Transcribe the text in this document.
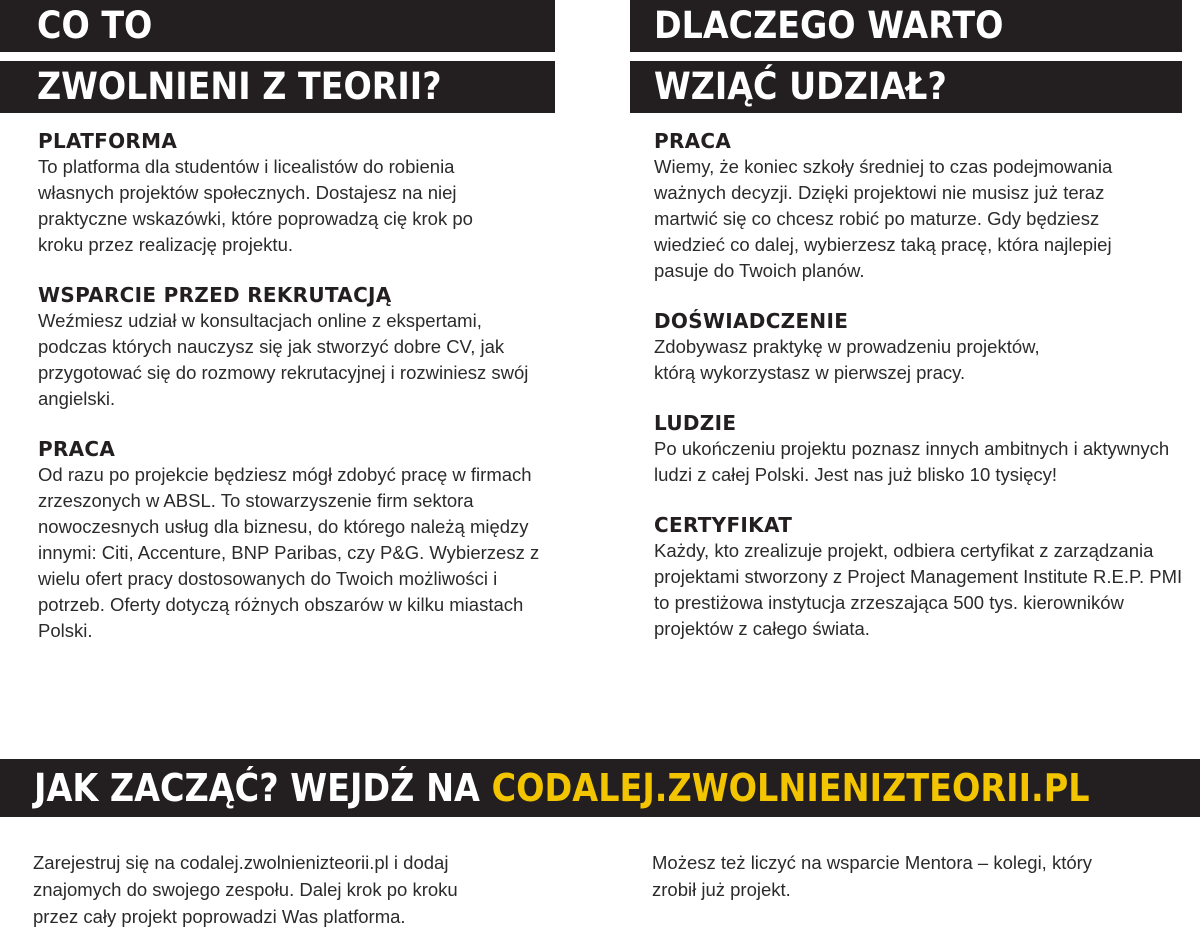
CO TO
ZWOLNIENI Z TEORII?
DLACZEGO WARTO
WZIĄĆ UDZIAŁ?
PLATFORMA

To platforma dla studentów i licealistów do robienia własnych projektów społecznych. Dostajesz na niej praktyczne wskazówki, które poprowadzą cię krok po kroku przez realizację projektu.

WSPARCIE PRZED REKRUTACJĄ

Weźmiesz udział w konsultacjach online z ekspertami, podczas których nauczysz się jak stworzyć dobre CV, jak przygotować się do rozmowy rekrutacyjnej i rozwiniesz swój angielski.

PRACA

Od razu po projekcie będziesz mógł zdobyć pracę w firmach zrzeszonych w ABSL. To stowarzyszenie firm sektora nowoczesnych usług dla biznesu, do którego należą między innymi: Citi, Accenture, BNP Paribas, czy P&G. Wybierzesz z wielu ofert pracy dostosowanych do Twoich możliwości i potrzeb. Oferty dotyczą różnych obszarów w kilku miastach Polski.

PRACA

Wiemy, że koniec szkoły średniej to czas podejmowania ważnych decyzji. Dzięki projektowi nie musisz już teraz martwić się co chcesz robić po maturze. Gdy będziesz wiedzieć co dalej, wybierzesz taką pracę, która najlepiej pasuje do Twoich planów.

DOŚWIADCZENIE

Zdobywasz praktykę w prowadzeniu projektów, którą wykorzystasz w pierwszej pracy.

LUDZIE

Po ukończeniu projektu poznasz innych ambitnych i aktywnych ludzi z całej Polski. Jest nas już blisko 10 tysięcy!

CERTYFIKAT

Każdy, kto zrealizuje projekt, odbiera certyfikat z zarządzania projektami stworzony z Project Management Institute R.E.P. PMI to prestiżowa instytucja zrzeszająca 500 tys. kierowników projektów z całego świata.

JAK ZACZĄĆ? WEJDŹ NA CODALEJ.ZWOLNIENIZTEORII.PL

Zarejestruj się na codalej.zwolnienizteorii.pl i dodaj znajomych do swojego zespołu. Dalej krok po kroku przez cały projekt poprowadzi Was platforma.

Możesz też liczyć na wsparcie Mentora – kolegi, który zrobił już projekt.
